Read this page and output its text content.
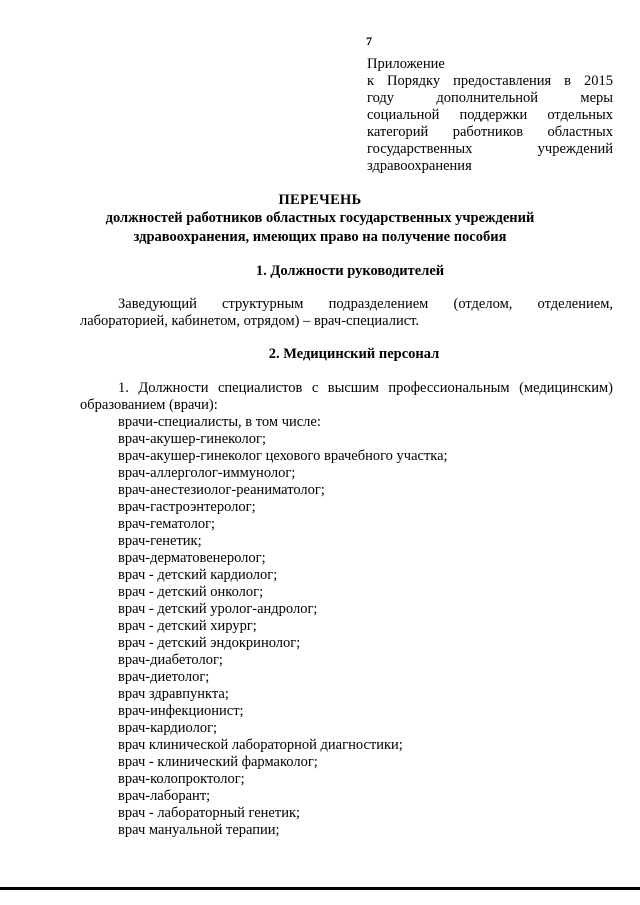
7
Приложение
к Порядку предоставления в 2015
году дополнительной меры
социальной поддержки отдельных
категорий работников областных
государственных учреждений
здравоохранения
ПЕРЕЧЕНЬ
должностей работников областных государственных учреждений
здравоохранения, имеющих право на получение пособия
1. Должности руководителей
Заведующий структурным подразделением (отделом, отделением,
лабораторией, кабинетом, отрядом) – врач-специалист.
2. Медицинский персонал
1. Должности специалистов с высшим профессиональным (медицинским)
образованием (врачи):
врачи-специалисты, в том числе:
врач-акушер-гинеколог;
врач-акушер-гинеколог цехового врачебного участка;
врач-аллерголог-иммунолог;
врач-анестезиолог-реаниматолог;
врач-гастроэнтеролог;
врач-гематолог;
врач-генетик;
врач-дерматовенеролог;
врач - детский кардиолог;
врач - детский онколог;
врач - детский уролог-андролог;
врач - детский хирург;
врач - детский эндокринолог;
врач-диабетолог;
врач-диетолог;
врач здравпункта;
врач-инфекционист;
врач-кардиолог;
врач клинической лабораторной диагностики;
врач - клинический фармаколог;
врач-колопроктолог;
врач-лаборант;
врач - лабораторный генетик;
врач мануальной терапии;
